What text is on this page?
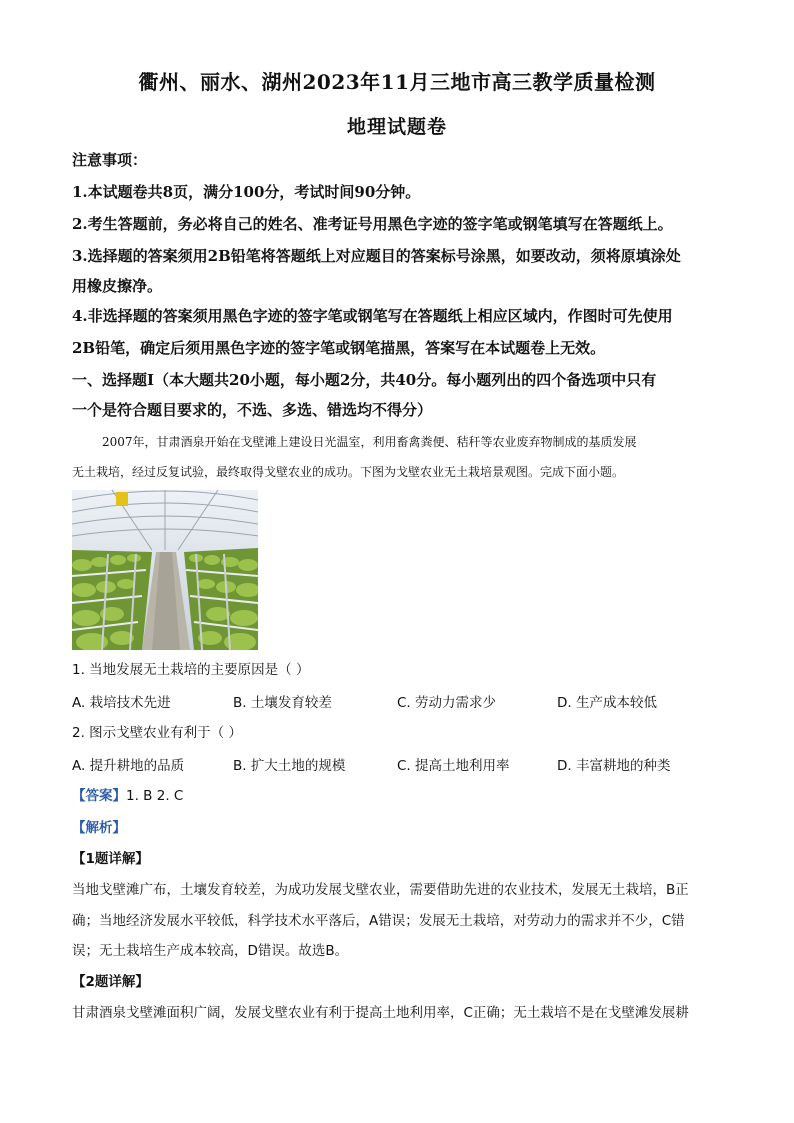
衢州、丽水、湖州2023年11月三地市高三教学质量检测
地理试题卷
注意事项：
1.本试题卷共8页，满分100分，考试时间90分钟。
2.考生答题前，务必将自己的姓名、准考证号用黑色字迹的签字笔或钢笔填写在答题纸上。
3.选择题的答案须用2B铅笔将答题纸上对应题目的答案标号涂黑，如要改动，须将原填涂处
用橡皮擦净。
4.非选择题的答案须用黑色字迹的签字笔或钢笔写在答题纸上相应区域内，作图时可先使用
2B铅笔，确定后须用黑色字迹的签字笔或钢笔描黑，答案写在本试题卷上无效。
一、选择题Ⅰ（本大题共20小题，每小题2分，共40分。每小题列出的四个备选项中只有
一个是符合题目要求的，不选、多选、错选均不得分）
2007年，甘肃酒泉开始在戈壁滩上建设日光温室，利用畜禽粪便、秸秆等农业废弃物制成的基质发展
无土栽培，经过反复试验，最终取得戈壁农业的成功。下图为戈壁农业无土栽培景观图。完成下面小题。
1. 当地发展无土栽培的主要原因是（ ）
A. 栽培技术先进	B. 土壤发育较差	C. 劳动力需求少	D. 生产成本较低
2. 图示戈壁农业有利于（ ）
A. 提升耕地的品质	B. 扩大土地的规模	C. 提高土地利用率	D. 丰富耕地的种类
【答案】1. B 2. C
【解析】
【1题详解】
当地戈壁滩广布，土壤发育较差，为成功发展戈壁农业，需要借助先进的农业技术，发展无土栽培，B正
确；当地经济发展水平较低，科学技术水平落后，A错误；发展无土栽培，对劳动力的需求并不少，C错
误；无土栽培生产成本较高，D错误。故选B。
【2题详解】
甘肃酒泉戈壁滩面积广阔，发展戈壁农业有利于提高土地利用率，C正确；无土栽培不是在戈壁滩发展耕
